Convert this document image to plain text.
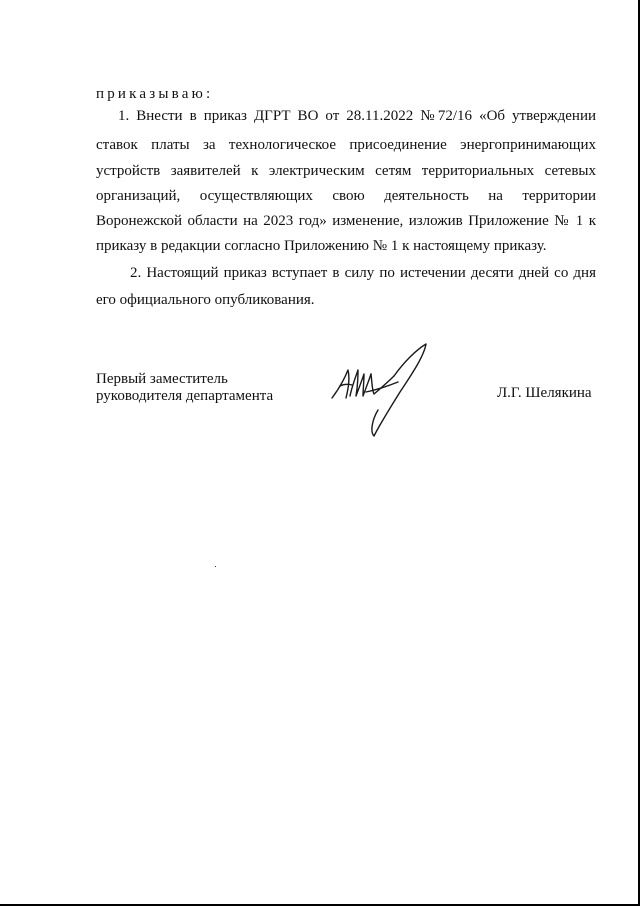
приказываю:
1. Внести в приказ ДГРТ ВО от 28.11.2022 №72/16 «Об утверждении
ставок платы за технологическое присоединение энергопринимающих
устройств заявителей к электрическим сетям территориальных сетевых
организаций, осуществляющих свою деятельность на территории
Воронежской области на 2023 год» изменение, изложив Приложение № 1 к
приказу в редакции согласно Приложению № 1 к настоящему приказу.
2. Настоящий приказ вступает в силу по истечении десяти дней со дня
его официального опубликования.
Первый заместитель
руководителя департамента	Л.Г. Шелякина
